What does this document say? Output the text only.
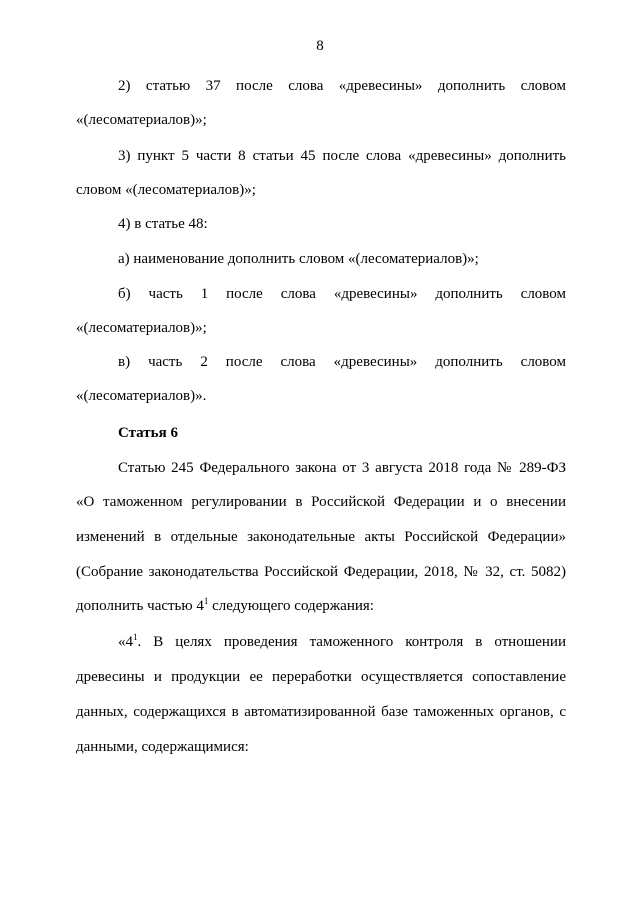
8
2) статью 37 после слова «древесины» дополнить словом
«(лесоматериалов)»;
3) пункт 5 части 8 статьи 45 после слова «древесины» дополнить
словом «(лесоматериалов)»;
4) в статье 48:
а) наименование дополнить словом «(лесоматериалов)»;
б) часть 1 после слова «древесины» дополнить словом
«(лесоматериалов)»;
в) часть 2 после слова «древесины» дополнить словом
«(лесоматериалов)».
Статья 6
Статью 245 Федерального закона от 3 августа 2018 года № 289-ФЗ
«О таможенном регулировании в Российской Федерации и о внесении
изменений в отдельные законодательные акты Российской Федерации»
(Собрание законодательства Российской Федерации, 2018, № 32, ст. 5082)
дополнить частью $4^1$ следующего содержания:
«$4^1$. В целях проведения таможенного контроля в отношении
древесины и продукции ее переработки осуществляется сопоставление
данных, содержащихся в автоматизированной базе таможенных органов, с
данными, содержащимися:
